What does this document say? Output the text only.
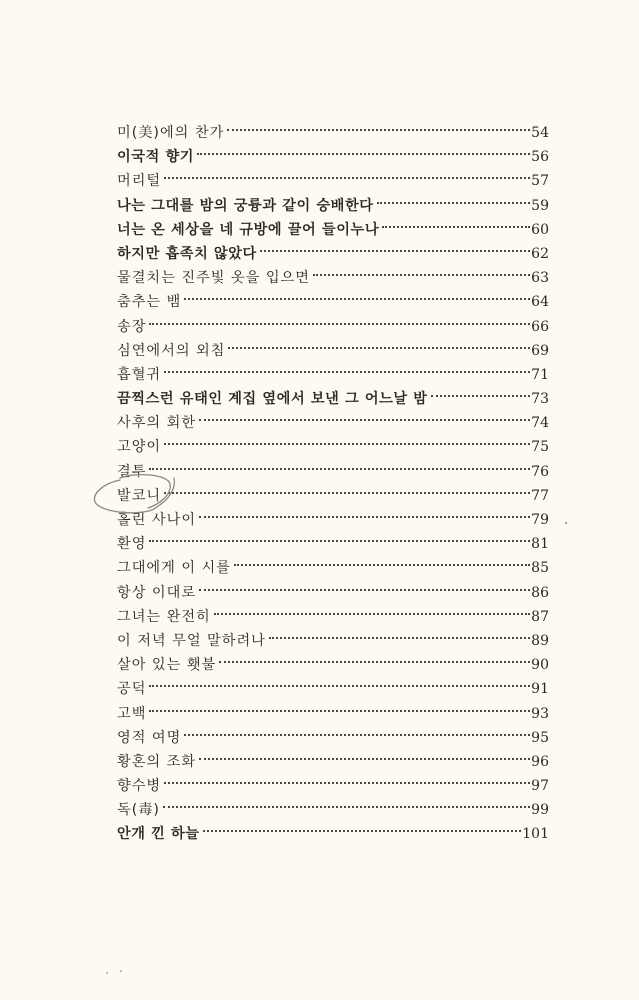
미(美)에의 찬가	54
이국적 향기	56
머리털	57
나는 그대를 밤의 궁륭과 같이 숭배한다	59
너는 온 세상을 네 규방에 끌어 들이누나	60
하지만 흡족치 않았다	62
물결치는 진주빛 옷을 입으면	63
춤추는 뱀	64
송장	66
심연에서의 외침	69
흡혈귀	71
끔찍스런 유태인 계집 옆에서 보낸 그 어느날 밤	73
사후의 회한	74
고양이	75
결투	76
발코니	77
홀린 사나이	79
환영	81
그대에게 이 시를	85
항상 이대로	86
그녀는 완전히	87
이 저녁 무얼 말하려나	89
살아 있는 횃불	90
공덕	91
고백	93
영적 여명	95
황혼의 조화	96
향수병	97
독(毒)	99
안개 낀 하늘	101
